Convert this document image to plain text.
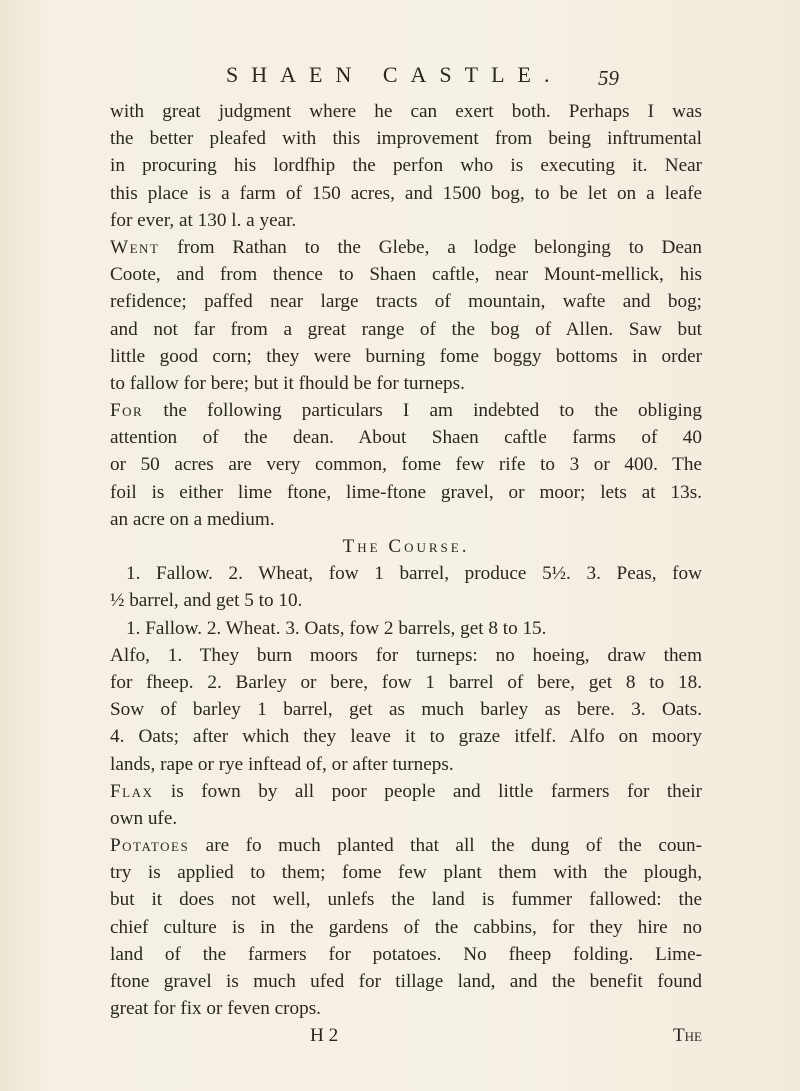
SHAEN CASTLE. 59
with great judgment where he can exert both. Perhaps I was
the better pleafed with this improvement from being inftrumental
in procuring his lordfhip the perfon who is executing it. Near
this place is a farm of 150 acres, and 1500 bog, to be let on a leafe
for ever, at 130 l. a year.
Went from Rathan to the Glebe, a lodge belonging to Dean
Coote, and from thence to Shaen caftle, near Mount-mellick, his
refidence; paffed near large tracts of mountain, wafte and bog;
and not far from a great range of the bog of Allen. Saw but
little good corn; they were burning fome boggy bottoms in order
to fallow for bere; but it fhould be for turneps.
For the following particulars I am indebted to the obliging
attention of the dean. About Shaen caftle farms of 40
or 50 acres are very common, fome few rife to 3 or 400. The
foil is either lime ftone, lime-ftone gravel, or moor; lets at 13s.
an acre on a medium.
The Course.
1. Fallow. 2. Wheat, fow 1 barrel, produce 5½. 3. Peas, fow
½ barrel, and get 5 to 10.
1. Fallow. 2. Wheat. 3. Oats, fow 2 barrels, get 8 to 15.
Alfo, 1. They burn moors for turneps: no hoeing, draw them
for fheep. 2. Barley or bere, fow 1 barrel of bere, get 8 to 18.
Sow of barley 1 barrel, get as much barley as bere. 3. Oats.
4. Oats; after which they leave it to graze itfelf. Alfo on moory
lands, rape or rye inftead of, or after turneps.
Flax is fown by all poor people and little farmers for their
own ufe.
Potatoes are fo much planted that all the dung of the coun-
try is applied to them; fome few plant them with the plough,
but it does not well, unlefs the land is fummer fallowed: the
chief culture is in the gardens of the cabbins, for they hire no
land of the farmers for potatoes. No fheep folding. Lime-
ftone gravel is much ufed for tillage land, and the benefit found
great for fix or feven crops.
H 2	The
